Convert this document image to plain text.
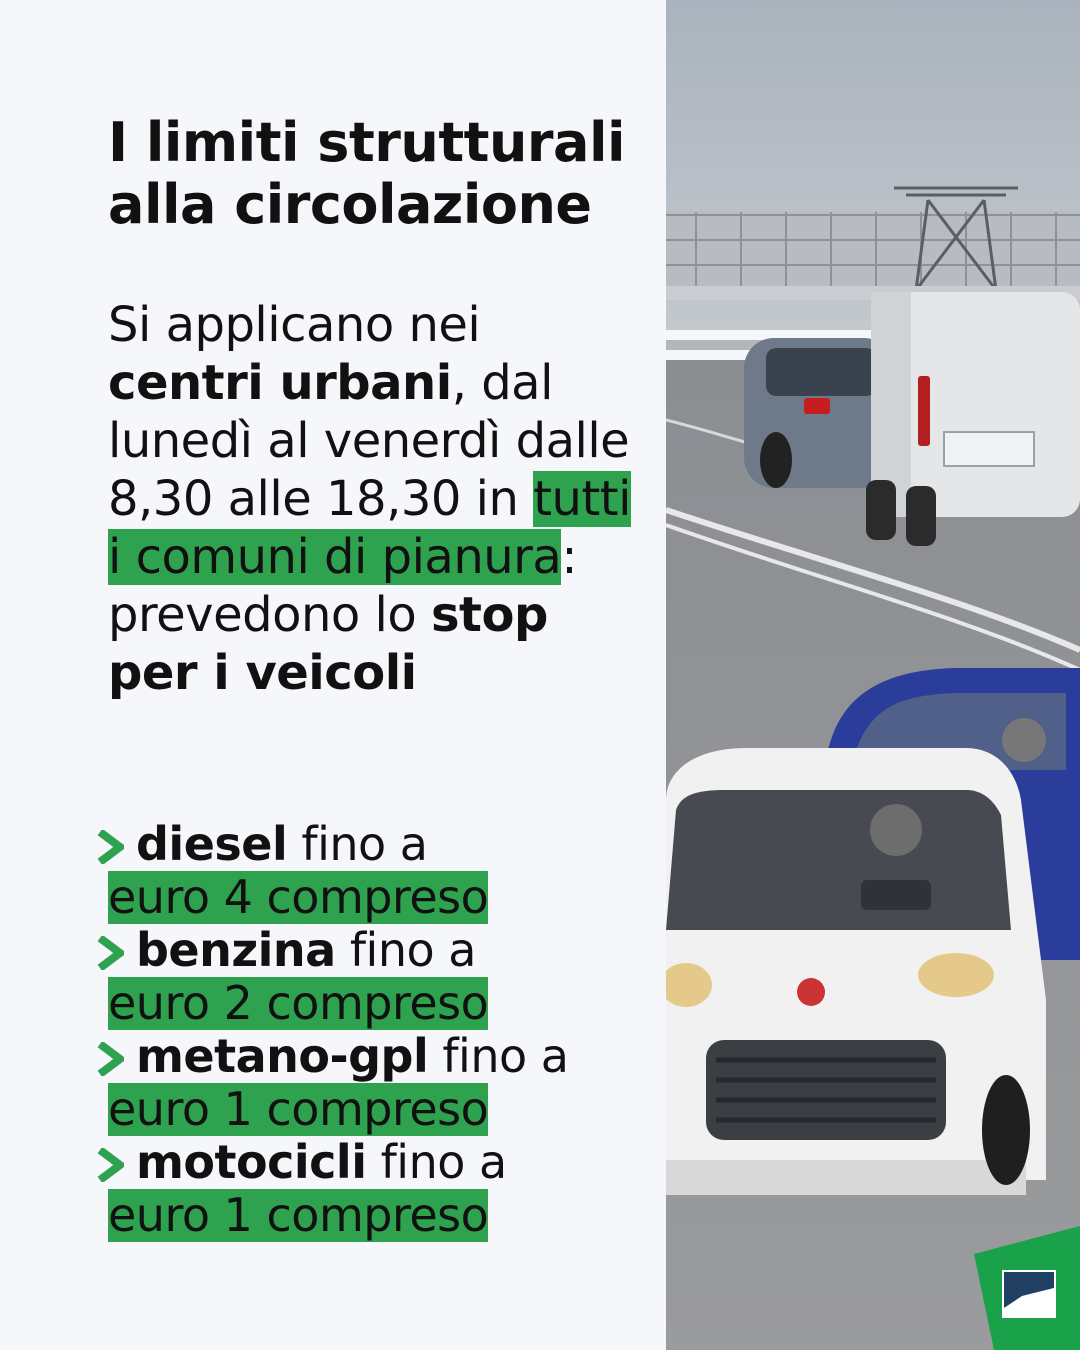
I limiti strutturali
alla circolazione

Si applicano nei centri urbani, dal lunedì al venerdì dalle 8,30 alle 18,30 in tutti i comuni di pianura: prevedono lo stop per i veicoli

diesel fino a
euro 4 compreso
benzina fino a
euro 2 compreso
metano-gpl fino a
euro 1 compreso
motocicli fino a
euro 1 compreso
